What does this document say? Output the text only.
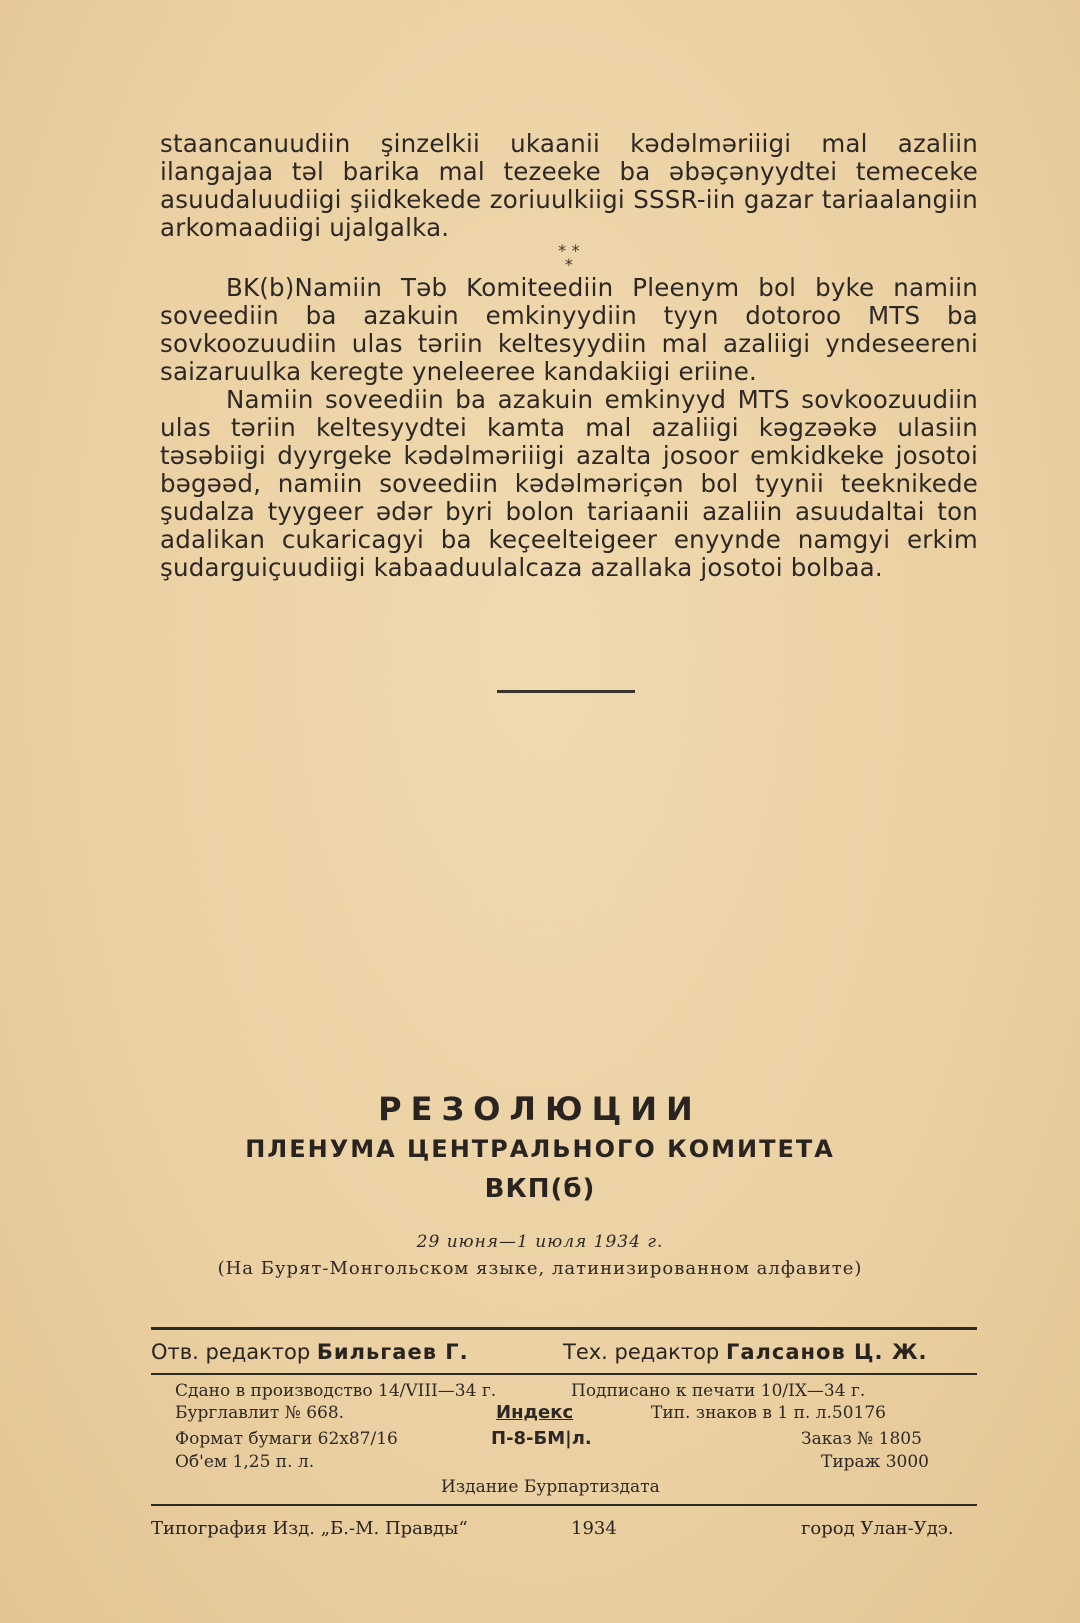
staancanuudiin şinzelkii ukaanii kədəlməriiigi mal azaliin ilangajaa təl barika mal tezeeke ba əbəçənyydtei temeceke asuudaluudiigi şiidkekede zoriuulkiigi SSSR-iin gazar tariaalangiin arkomaadiigi ujalgalka.

* *
*

BK(b)Namiin Təb Komiteediin Pleenym bol byke namiin soveediin ba azakuin emkinyydiin tyyn dotoroo MTS ba sovkoozuudiin ulas təriin keltesyydiin mal azaliigi yndeseereni saizaruulka keregte yneleeree kandakiigi eriine.

Namiin soveediin ba azakuin emkinyyd MTS sovkoozuudiin ulas təriin keltesyydtei kamta mal azaliigi kəgzəəkə ulasiin təsəbiigi dyyrgeke kədəlməriiigi azalta josoor emkidkeke josotoi bəgəəd, namiin soveediin kədəlməriçən bol tyynii teeknikede şudalza tyygeer ədər byri bolon tariaanii azaliin asuudaltai ton adalikan cukaricagyi ba keçeelteigeer enyynde namgyi erkim şudarguiçuudiigi kabaaduulalcaza azallaka josotoi bolbaa.

РЕЗОЛЮЦИИ
ПЛЕНУМА ЦЕНТРАЛЬНОГО КОМИТЕТА
ВКП(б)
29 июня—1 июля 1934 г.
(На Бурят-Монгольском языке, латинизированном алфавите)
Отв. редактор Бильгаев Г.	Тех. редактор Галсанов Ц. Ж.
Сдано в производство 14/VIII—34 г.	Подписано к печати 10/IX—34 г.
Бурглавлит № 668.	Индекс	Тип. знаков в 1 п. л.50176
Формат бумаги 62x87/16	П-8-БМ|л.	Заказ № 1805
Об'ем 1,25 п. л.	Тираж 3000
Издание Бурпартиздата
Типография Изд. „Б.-М. Правды“	1934	город Улан-Удэ.
